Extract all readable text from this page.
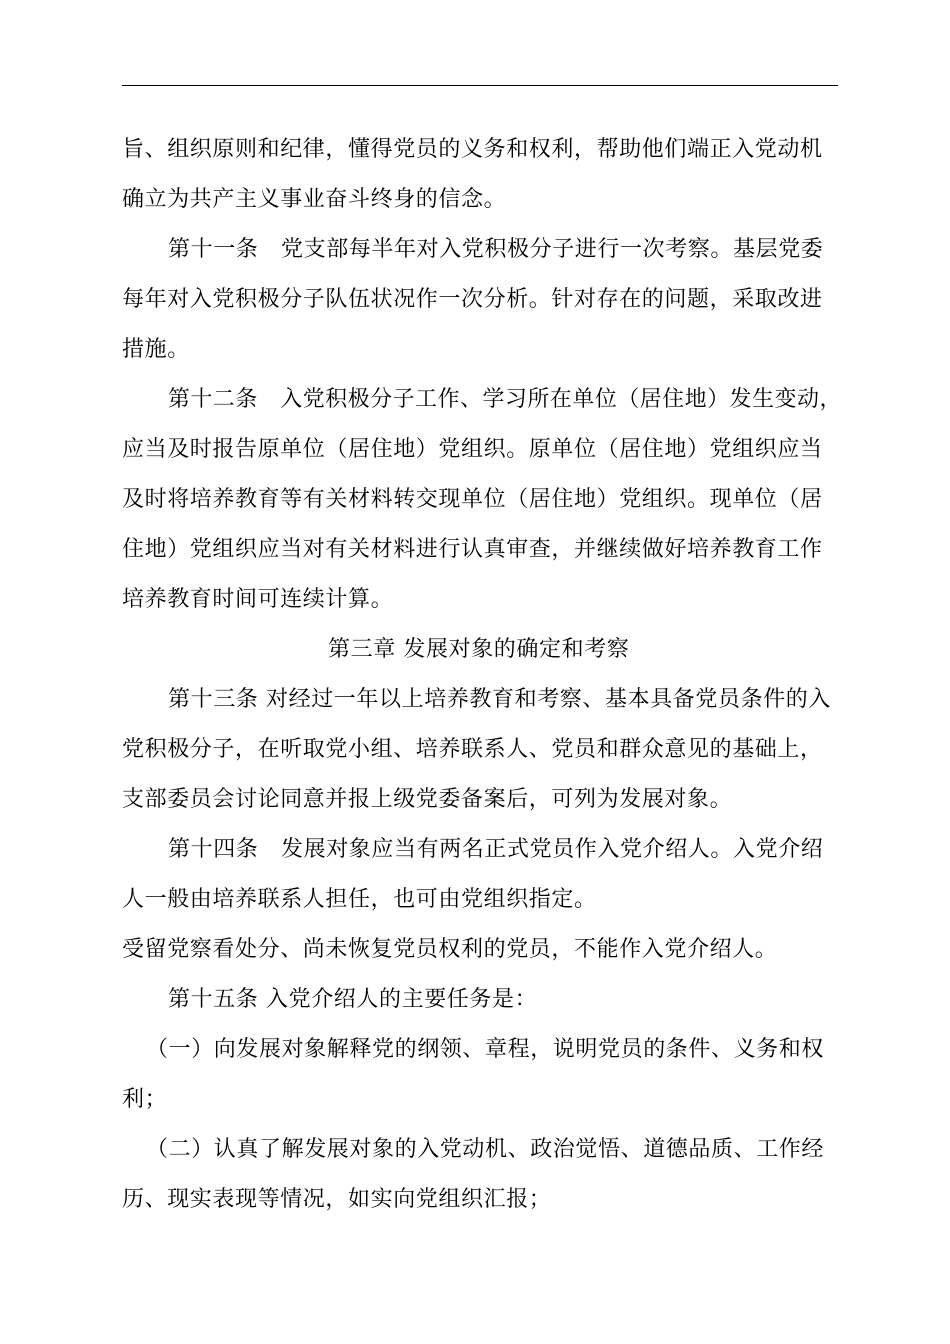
旨、组织原则和纪律，懂得党员的义务和权利，帮助他们端正入党动机
确立为共产主义事业奋斗终身的信念。
第十一条　党支部每半年对入党积极分子进行一次考察。基层党委
每年对入党积极分子队伍状况作一次分析。针对存在的问题，采取改进
措施。
第十二条　入党积极分子工作、学习所在单位（居住地）发生变动，
应当及时报告原单位（居住地）党组织。原单位（居住地）党组织应当
及时将培养教育等有关材料转交现单位（居住地）党组织。现单位（居
住地）党组织应当对有关材料进行认真审查，并继续做好培养教育工作
培养教育时间可连续计算。
第三章 发展对象的确定和考察
第十三条 对经过一年以上培养教育和考察、基本具备党员条件的入
党积极分子，在听取党小组、培养联系人、党员和群众意见的基础上，
支部委员会讨论同意并报上级党委备案后，可列为发展对象。
第十四条　发展对象应当有两名正式党员作入党介绍人。入党介绍
人一般由培养联系人担任，也可由党组织指定。
受留党察看处分、尚未恢复党员权利的党员，不能作入党介绍人。
第十五条 入党介绍人的主要任务是：
（一）向发展对象解释党的纲领、章程，说明党员的条件、义务和权
利；
（二）认真了解发展对象的入党动机、政治觉悟、道德品质、工作经
历、现实表现等情况，如实向党组织汇报；
